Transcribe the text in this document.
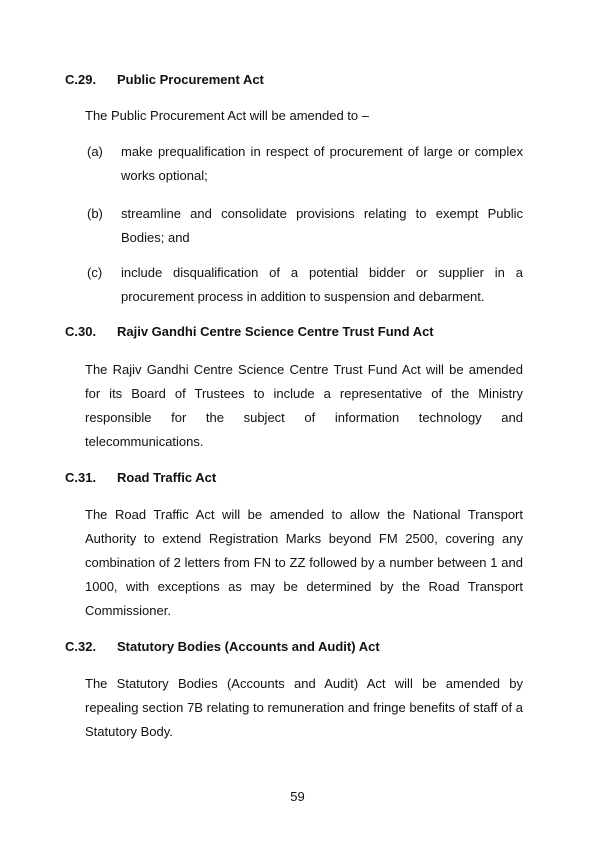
C.29. Public Procurement Act

The Public Procurement Act will be amended to –

(a) make prequalification in respect of procurement of large or complex works optional;
(b) streamline and consolidate provisions relating to exempt Public Bodies; and
(c) include disqualification of a potential bidder or supplier in a procurement process in addition to suspension and debarment.
C.30. Rajiv Gandhi Centre Science Centre Trust Fund Act

The Rajiv Gandhi Centre Science Centre Trust Fund Act will be amended for its Board of Trustees to include a representative of the Ministry responsible for the subject of information technology and telecommunications.

C.31. Road Traffic Act

The Road Traffic Act will be amended to allow the National Transport Authority to extend Registration Marks beyond FM 2500, covering any combination of 2 letters from FN to ZZ followed by a number between 1 and 1000, with exceptions as may be determined by the Road Transport Commissioner.

C.32. Statutory Bodies (Accounts and Audit) Act

The Statutory Bodies (Accounts and Audit) Act will be amended by repealing section 7B relating to remuneration and fringe benefits of staff of a Statutory Body.

59
